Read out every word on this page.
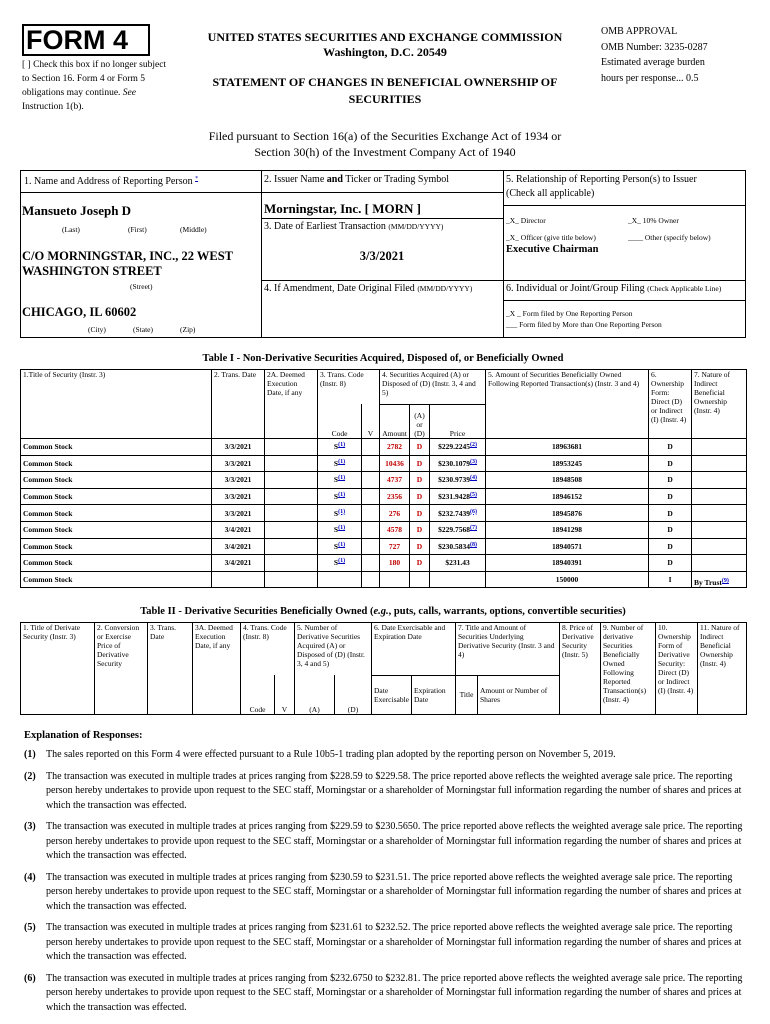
FORM 4
[ ] Check this box if no longer subject to Section 16. Form 4 or Form 5 obligations may continue. See Instruction 1(b).
UNITED STATES SECURITIES AND EXCHANGE COMMISSION
Washington, D.C. 20549
STATEMENT OF CHANGES IN BENEFICIAL OWNERSHIP OF SECURITIES
OMB APPROVAL
OMB Number: 3235-0287
Estimated average burden
hours per response... 0.5
Filed pursuant to Section 16(a) of the Securities Exchange Act of 1934 or
Section 30(h) of the Investment Company Act of 1940
1. Name and Address of Reporting Person *
Mansueto Joseph D
(Last)	(First)	(Middle)
C/O MORNINGSTAR, INC., 22 WEST WASHINGTON STREET
(Street)
CHICAGO, IL 60602
(City)	(State)	(Zip)
2. Issuer Name and Ticker or Trading Symbol
Morningstar, Inc. [ MORN ]
3. Date of Earliest Transaction (MM/DD/YYYY)
3/3/2021
4. If Amendment, Date Original Filed (MM/DD/YYYY)
5. Relationship of Reporting Person(s) to Issuer
(Check all applicable)
_X_ Director	_X_ 10% Owner
_X_ Officer (give title below)	____ Other (specify below)
Executive Chairman
6. Individual or Joint/Group Filing (Check Applicable Line)
_X _ Form filed by One Reporting Person
___ Form filed by More than One Reporting Person
Table I - Non-Derivative Securities Acquired, Disposed of, or Beneficially Owned
1.Title of Security (Instr. 3)	2. Trans. Date	2A. Deemed Execution Date, if any	3. Trans. Code (Instr. 8)		4. Securities Acquired (A) or Disposed of (D) (Instr. 3, 4 and 5)			5. Amount of Securities Beneficially Owned Following Reported Transaction(s) (Instr. 3 and 4)	6. Ownership Form: Direct (D) or Indirect (I) (Instr. 4)	7. Nature of Indirect Beneficial Ownership (Instr. 4)
			Code	V	Amount	(A) or (D)	Price			
Common Stock	3/3/2021		$S^{(1)}$		2782	D	$229.2245$^{(2)}$	18963681	D	
Common Stock	3/3/2021		$S^{(1)}$		10436	D	$230.1079$^{(3)}$	18953245	D	
Common Stock	3/3/2021		$S^{(1)}$		4737	D	$230.9739$^{(4)}$	18948508	D	
Common Stock	3/3/2021		$S^{(1)}$		2356	D	$231.9428$^{(5)}$	18946152	D	
Common Stock	3/3/2021		$S^{(1)}$		276	D	$232.7439$^{(6)}$	18945876	D	
Common Stock	3/4/2021		$S^{(1)}$		4578	D	$229.7568$^{(7)}$	18941298	D	
Common Stock	3/4/2021		$S^{(1)}$		727	D	$230.5834$^{(8)}$	18940571	D	
Common Stock	3/4/2021		$S^{(1)}$		180	D	$231.43	18940391	D	
Common Stock								150000	I	By Trust$^{(9)}$
Table II - Derivative Securities Beneficially Owned (e.g., puts, calls, warrants, options, convertible securities)
1. Title of Derivate Security (Instr. 3)	2. Conversion or Exercise Price of Derivative Security	3. Trans. Date	3A. Deemed Execution Date, if any	4. Trans. Code (Instr. 8)		5. Number of Derivative Securities Acquired (A) or Disposed of (D) (Instr. 3, 4 and 5)		6. Date Exercisable and Expiration Date		7. Title and Amount of Securities Underlying Derivative Security (Instr. 3 and 4)		8. Price of Derivative Security (Instr. 5)	9. Number of derivative Securities Beneficially Owned Following Reported Transaction(s) (Instr. 4)	10. Ownership Form of Derivative Security: Direct (D) or Indirect (I) (Instr. 4)	11. Nature of Indirect Beneficial Ownership (Instr. 4)
				Code	V	(A)	(D)	Date Exercisable	Expiration Date	Title	Amount or Number of Shares				
Explanation of Responses:

(1)	The sales reported on this Form 4 were effected pursuant to a Rule 10b5-1 trading plan adopted by the reporting person on November 5, 2019.

(2)	The transaction was executed in multiple trades at prices ranging from $228.59 to $229.58. The price reported above reflects the weighted average sale price. The reporting person hereby undertakes to provide upon request to the SEC staff, Morningstar or a shareholder of Morningstar full information regarding the number of shares and prices at which the transaction was effected.

(3)	The transaction was executed in multiple trades at prices ranging from $229.59 to $230.5650. The price reported above reflects the weighted average sale price. The reporting person hereby undertakes to provide upon request to the SEC staff, Morningstar or a shareholder of Morningstar full information regarding the number of shares and prices at which the transaction was effected.

(4)	The transaction was executed in multiple trades at prices ranging from $230.59 to $231.51. The price reported above reflects the weighted average sale price. The reporting person hereby undertakes to provide upon request to the SEC staff, Morningstar or a shareholder of Morningstar full information regarding the number of shares and prices at which the transaction was effected.

(5)	The transaction was executed in multiple trades at prices ranging from $231.61 to $232.52. The price reported above reflects the weighted average sale price. The reporting person hereby undertakes to provide upon request to the SEC staff, Morningstar or a shareholder of Morningstar full information regarding the number of shares and prices at which the transaction was effected.

(6)	The transaction was executed in multiple trades at prices ranging from $232.6750 to $232.81. The price reported above reflects the weighted average sale price. The reporting person hereby undertakes to provide upon request to the SEC staff, Morningstar or a shareholder of Morningstar full information regarding the number of shares and prices at which the transaction was effected.
